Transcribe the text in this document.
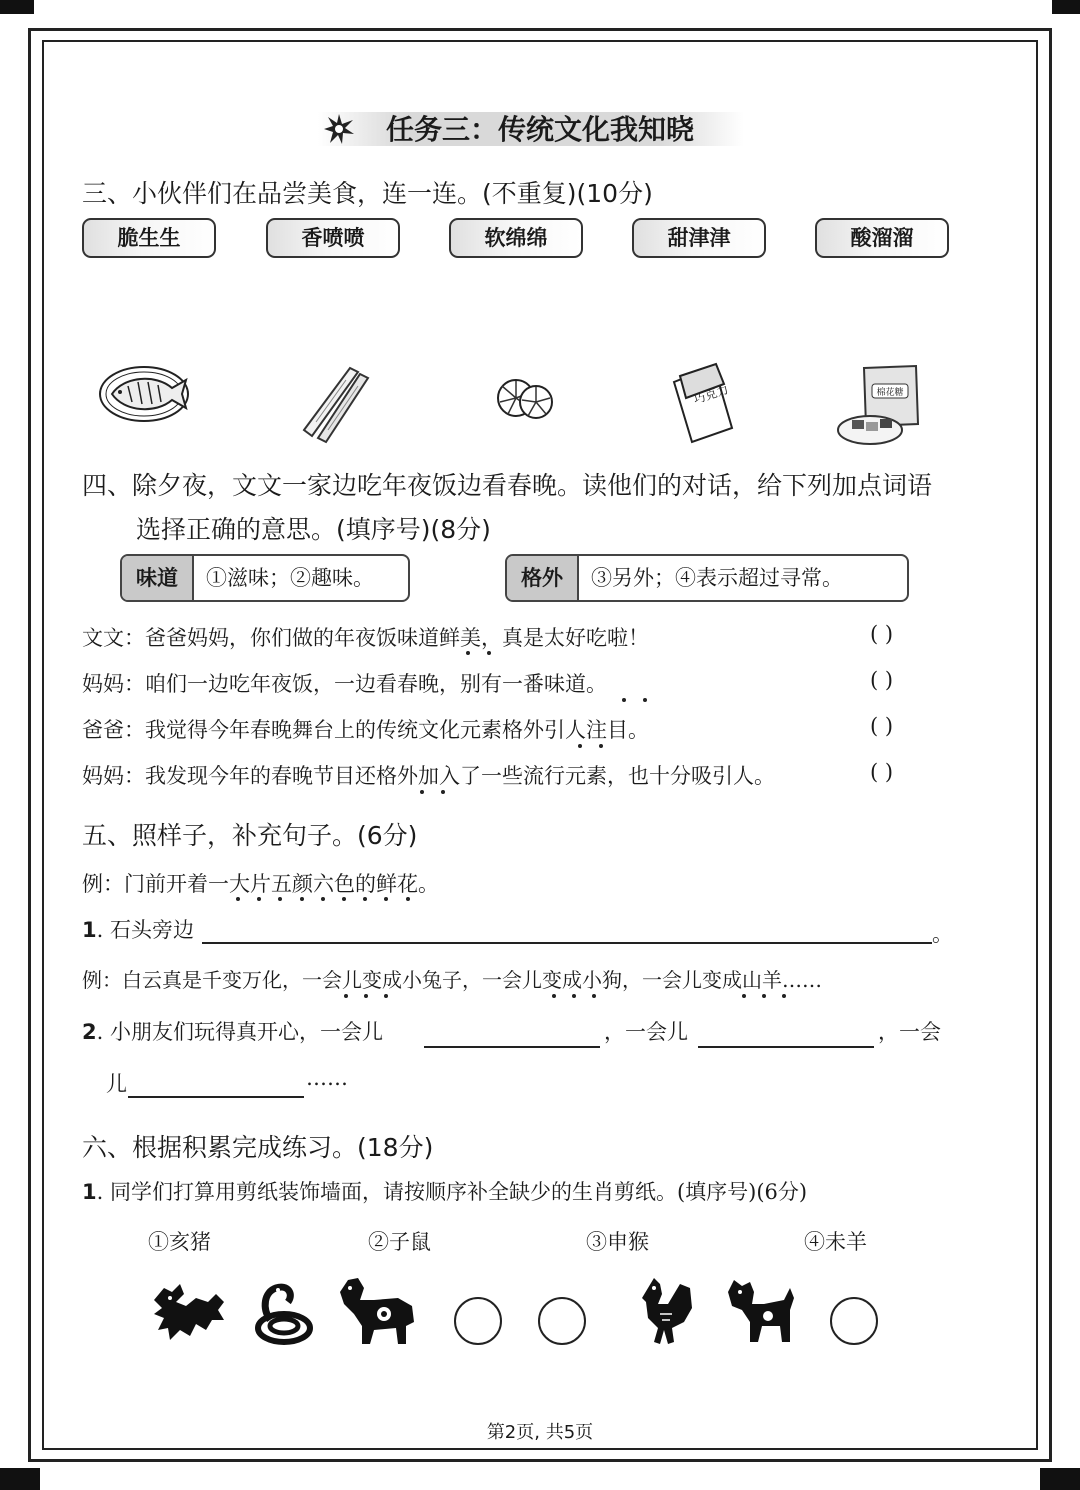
任务三：传统文化我知晓
三、小伙伴们在品尝美食，连一连。(不重复)(10分)
脆生生	香喷喷	软绵绵	甜津津	酸溜溜
巧克力	棉花糖
四、除夕夜，文文一家边吃年夜饭边看春晚。读他们的对话，给下列加点词语
选择正确的意思。(填序号)(8分)
味道	①滋味；②趣味。	格外	③另外；④表示超过寻常。
文文：爸爸妈妈，你们做的年夜饭味道鲜美，真是太好吃啦！	( )
妈妈：咱们一边吃年夜饭，一边看春晚，别有一番味道。	( )
爸爸：我觉得今年春晚舞台上的传统文化元素格外引人注目。	( )
妈妈：我发现今年的春晚节目还格外加入了一些流行元素，也十分吸引人。	( )
五、照样子，补充句子。(6分)
例：门前开着一大片五颜六色的鲜花。
1. 石头旁边	。
例：白云真是千变万化，一会儿变成小兔子，一会儿变成小狗，一会儿变成山羊……
2. 小朋友们玩得真开心，一会儿	，一会儿	，一会
儿	……
六、根据积累完成练习。(18分)
1. 同学们打算用剪纸装饰墙面，请按顺序补全缺少的生肖剪纸。(填序号)(6分)
①亥猪	②子鼠	③申猴	④未羊
第2页, 共5页
